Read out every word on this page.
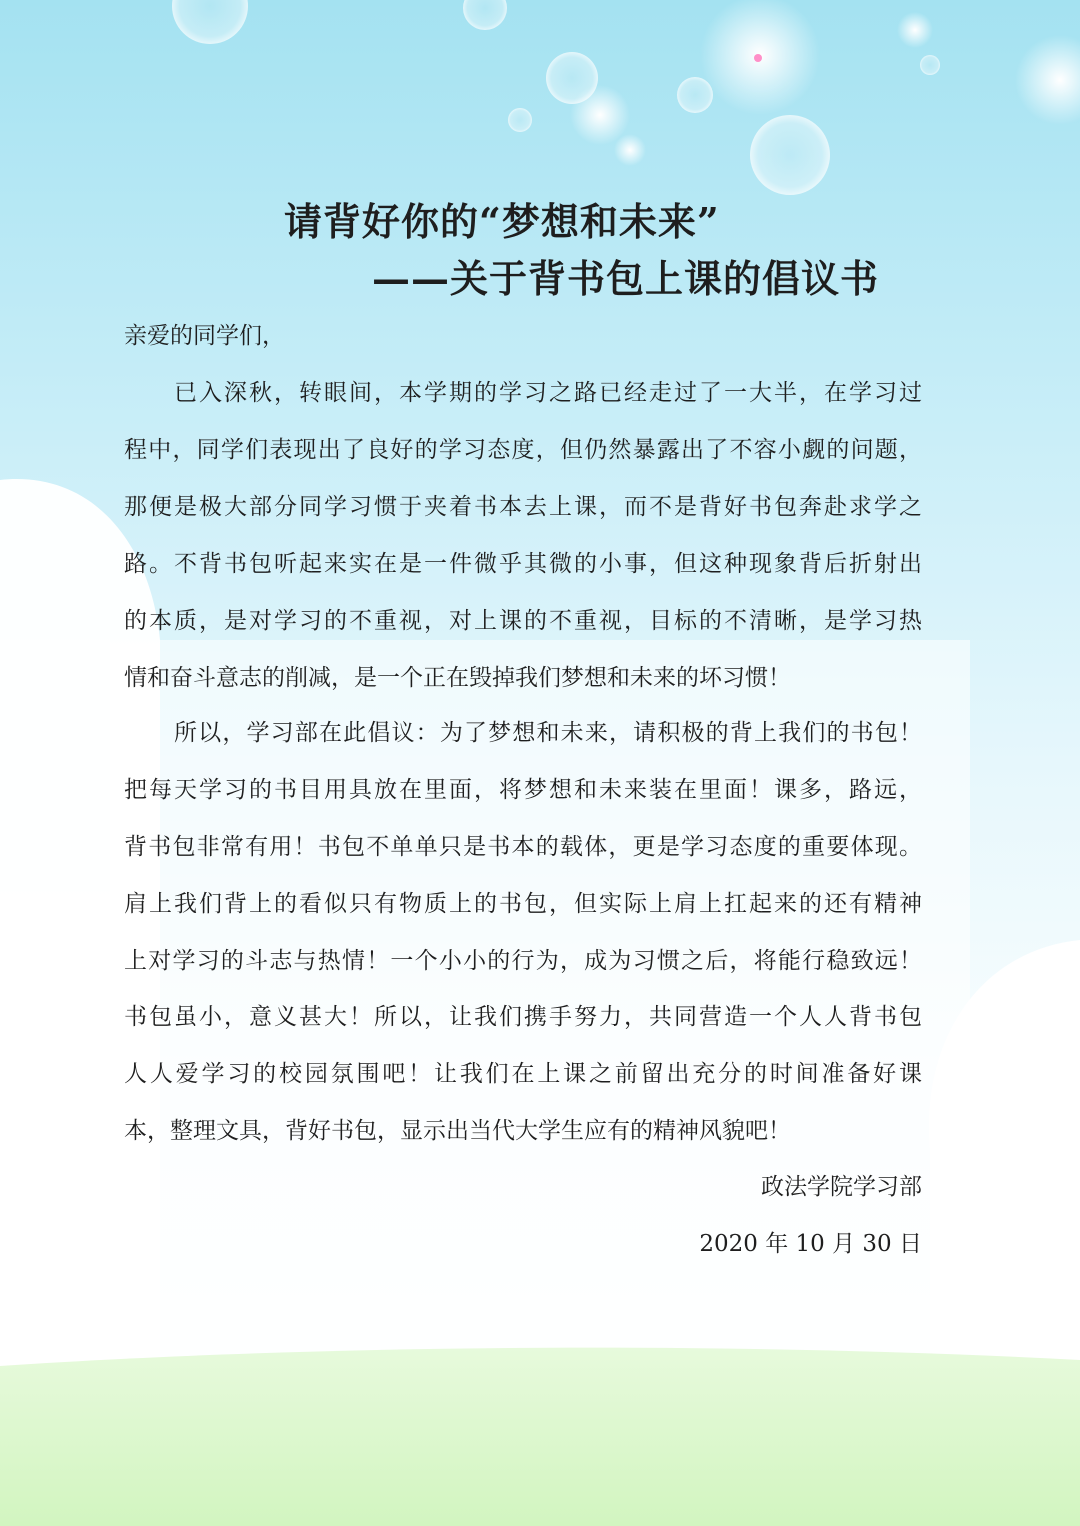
请背好你的“梦想和未来”
——关于背书包上课的倡议书
亲爱的同学们，
已入深秋，转眼间，本学期的学习之路已经走过了一大半，在学习过
程中，同学们表现出了良好的学习态度，但仍然暴露出了不容小觑的问题，
那便是极大部分同学习惯于夹着书本去上课，而不是背好书包奔赴求学之
路。不背书包听起来实在是一件微乎其微的小事，但这种现象背后折射出
的本质，是对学习的不重视，对上课的不重视，目标的不清晰，是学习热
情和奋斗意志的削减，是一个正在毁掉我们梦想和未来的坏习惯！
所以，学习部在此倡议：为了梦想和未来，请积极的背上我们的书包！
把每天学习的书目用具放在里面，将梦想和未来装在里面！课多，路远，
背书包非常有用！书包不单单只是书本的载体，更是学习态度的重要体现。
肩上我们背上的看似只有物质上的书包，但实际上肩上扛起来的还有精神
上对学习的斗志与热情！一个小小的行为，成为习惯之后，将能行稳致远！
书包虽小，意义甚大！所以，让我们携手努力，共同营造一个人人背书包
人人爱学习的校园氛围吧！让我们在上课之前留出充分的时间准备好课
本，整理文具，背好书包，显示出当代大学生应有的精神风貌吧！
政法学院学习部
2020 年 10 月 30 日
